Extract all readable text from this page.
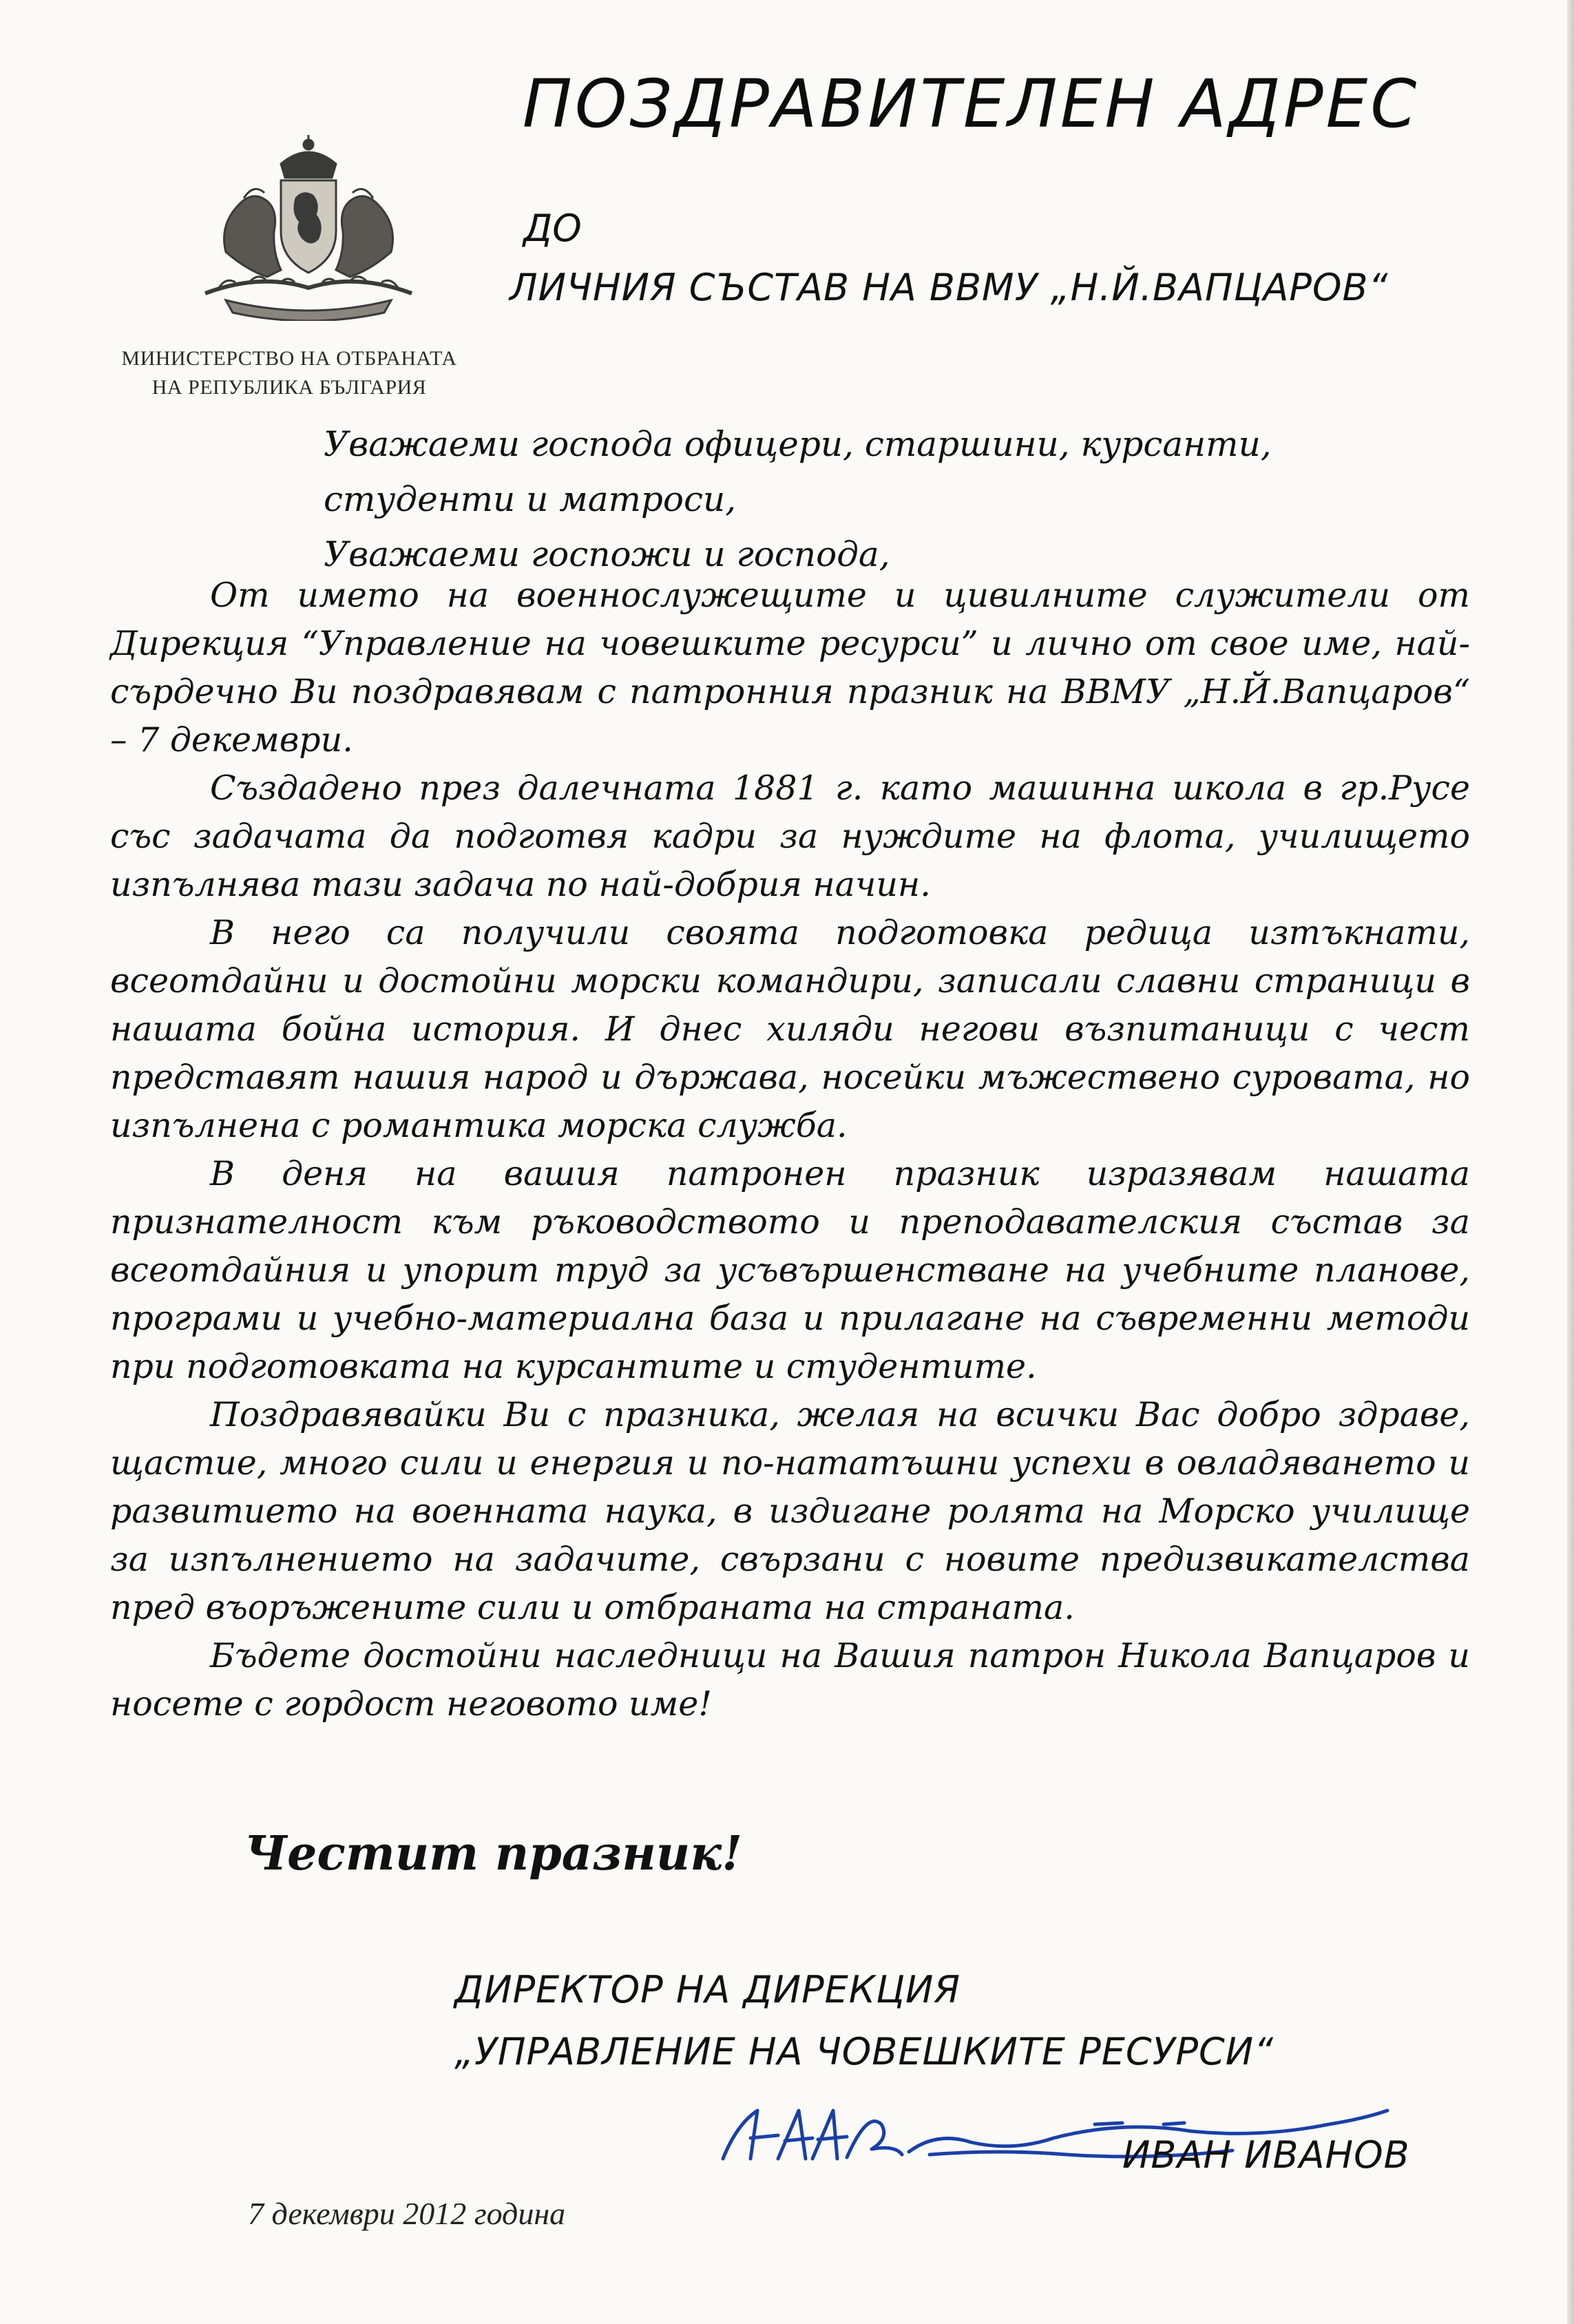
ПОЗДРАВИТЕЛЕН АДРЕС
МИНИСТЕРСТВО НА ОТБРАНАТА
НА РЕПУБЛИКА БЪЛГАРИЯ
ДО
ЛИЧНИЯ СЪСТАВ НА ВВМУ „Н.Й.ВАПЦАРОВ“
Уважаеми господа офицери, старшини, курсанти,
студенти и матроси,
Уважаеми госпожи и господа,

От името на военнослужещите и цивилните служители от Дирекция “Управление на човешките ресурси” и лично от свое име, най-сърдечно Ви поздравявам с патронния празник на ВВМУ „Н.Й.Вапцаров“ – 7 декември.

Създадено през далечната 1881 г. като машинна школа в гр.Русе със задачата да подготвя кадри за нуждите на флота, училището изпълнява тази задача по най-добрия начин.

В него са получили своята подготовка редица изтъкнати, всеотдайни и достойни морски командири, записали славни страници в нашата бойна история. И днес хиляди негови възпитаници с чест представят нашия народ и държава, носейки мъжествено суровата, но изпълнена с романтика морска служба.

В деня на вашия патронен празник изразявам нашата признателност към ръководството и преподавателския състав за всеотдайния и упорит труд за усъвършенстване на учебните планове, програми и учебно-материална база и прилагане на съвременни методи при подготовката на курсантите и студентите.

Поздравявайки Ви с празника, желая на всички Вас добро здраве, щастие, много сили и енергия и по-нататъшни успехи в овладяването и развитието на военната наука, в издигане ролята на Морско училище за изпълнението на задачите, свързани с новите предизвикателства пред въоръжените сили и отбраната на страната.

Бъдете достойни наследници на Вашия патрон Никола Вапцаров и носете с гордост неговото име!

Честит празник!
ДИРЕКТОР НА ДИРЕКЦИЯ
„УПРАВЛЕНИЕ НА ЧОВЕШКИТЕ РЕСУРСИ“
ИВАН ИВАНОВ
7 декември 2012 година
